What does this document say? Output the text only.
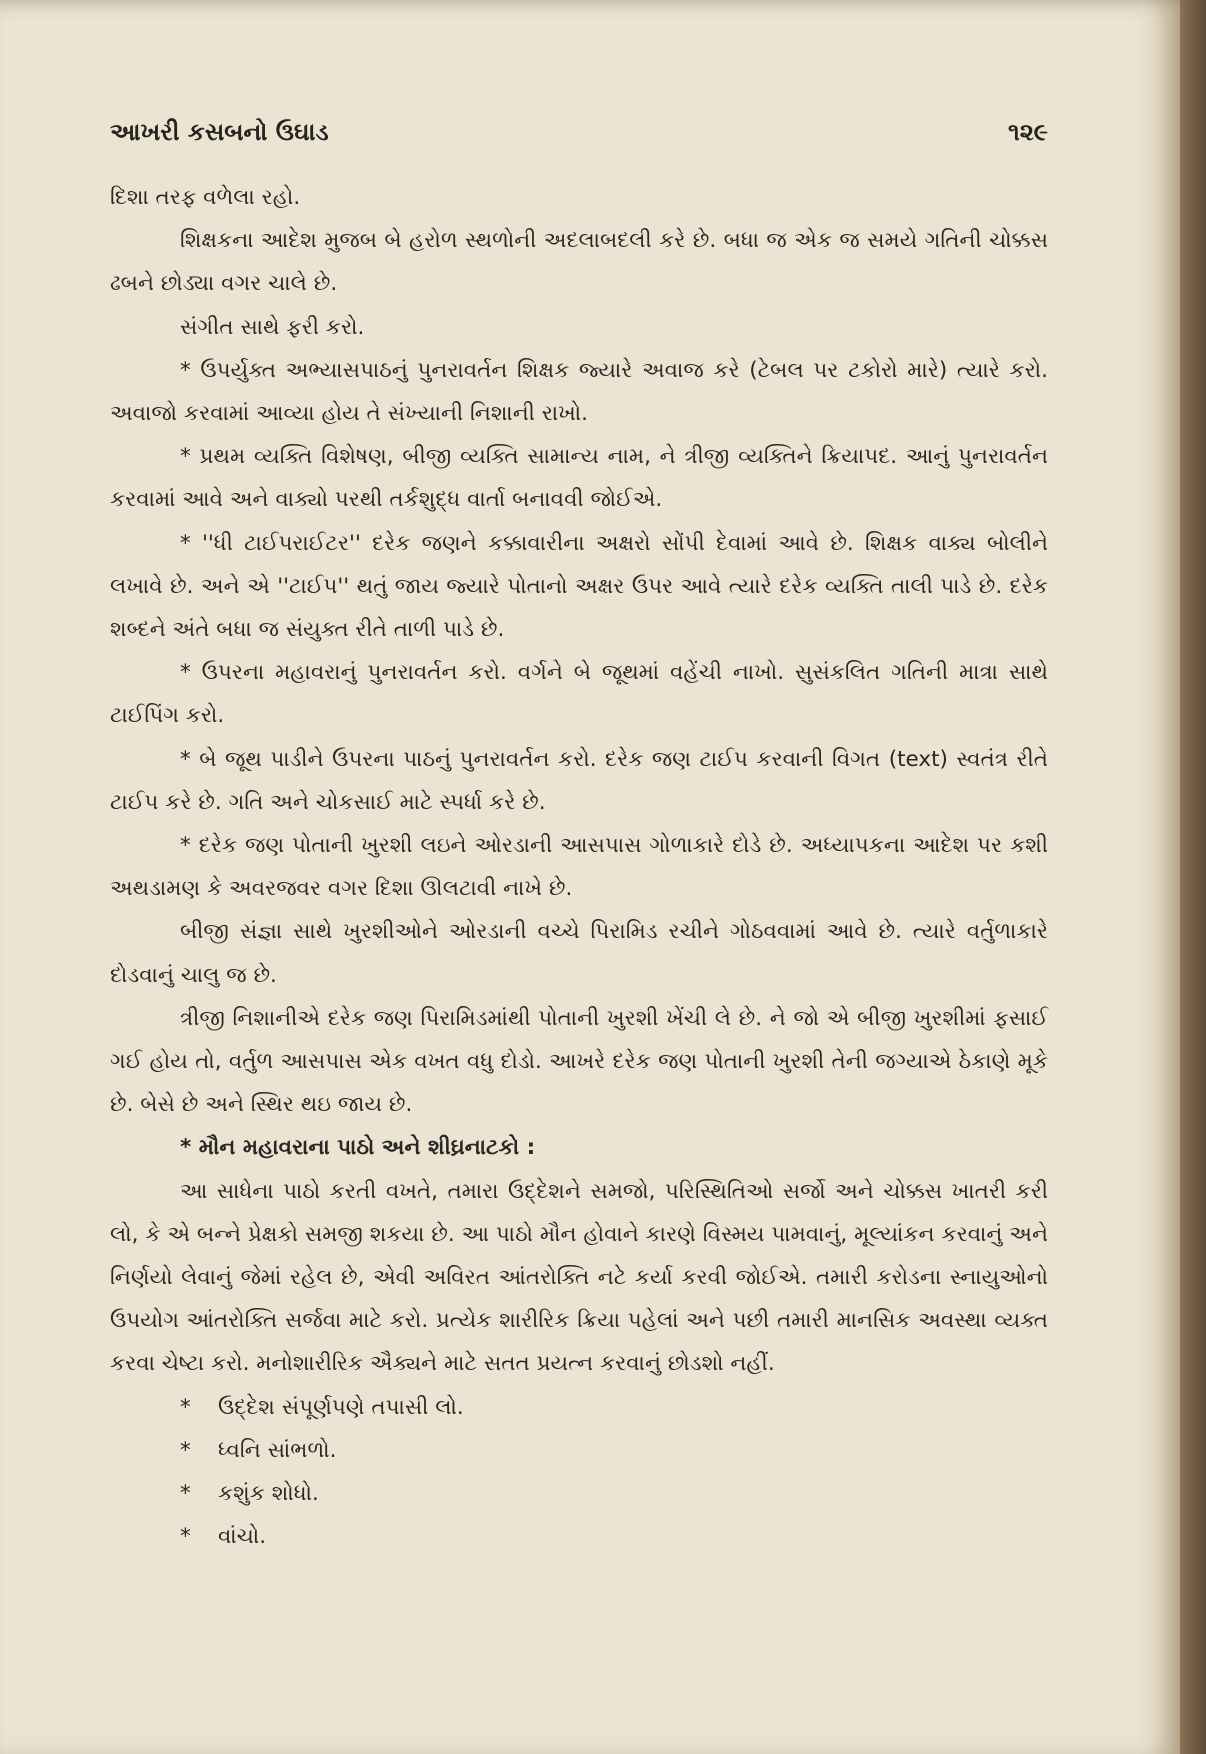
આખરી કસબનો ઉઘાડ	૧૨૯

દિશા તરફ વળેલા રહો.

શિક્ષકના આદેશ મુજબ બે હરોળ સ્થળોની અદલાબદલી કરે છે. બધા જ એક જ સમયે ગતિની ચોક્કસ ઢબને છોડ્યા વગર ચાલે છે.

સંગીત સાથે ફરી કરો.

* ઉપર્યુક્ત અભ્યાસપાઠનું પુનરાવર્તન શિક્ષક જ્યારે અવાજ કરે (ટેબલ પર ટકોરો મારે) ત્યારે કરો. અવાજો કરવામાં આવ્યા હોય તે સંખ્યાની નિશાની રાખો.

* પ્રથમ વ્યક્તિ વિશેષણ, બીજી વ્યક્તિ સામાન્ય નામ, ને ત્રીજી વ્યક્તિને ક્રિયાપદ. આનું પુનરાવર્તન કરવામાં આવે અને વાક્યો પરથી તર્કશુદ્ધ વાર્તા બનાવવી જોઈએ.

* ''ધી ટાઈપરાઈટર'' દરેક જણને કક્કાવારીના અક્ષરો સોંપી દેવામાં આવે છે. શિક્ષક વાક્ય બોલીને લખાવે છે. અને એ ''ટાઈપ'' થતું જાય જ્યારે પોતાનો અક્ષર ઉપર આવે ત્યારે દરેક વ્યક્તિ તાલી પાડે છે. દરેક શબ્દને અંતે બધા જ સંયુક્ત રીતે તાળી પાડે છે.

* ઉપરના મહાવરાનું પુનરાવર્તન કરો. વર્ગને બે જૂથમાં વહેંચી નાખો. સુસંકલિત ગતિની માત્રા સાથે ટાઈપિંગ કરો.

* બે જૂથ પાડીને ઉપરના પાઠનું પુનરાવર્તન કરો. દરેક જણ ટાઈપ કરવાની વિગત (text) સ્વતંત્ર રીતે ટાઈપ કરે છે. ગતિ અને ચોકસાઈ માટે સ્પર્ધા કરે છે.

* દરેક જણ પોતાની ખુરશી લઇને ઓરડાની આસપાસ ગોળાકારે દોડે છે. અધ્યાપકના આદેશ પર કશી અથડામણ કે અવરજવર વગર દિશા ઊલટાવી નાખે છે.

બીજી સંજ્ઞા સાથે ખુરશીઓને ઓરડાની વચ્ચે પિરામિડ રચીને ગોઠવવામાં આવે છે. ત્યારે વર્તુળાકારે દોડવાનું ચાલુ જ છે.

ત્રીજી નિશાનીએ દરેક જણ પિરામિડમાંથી પોતાની ખુરશી ખેંચી લે છે. ને જો એ બીજી ખુરશીમાં ફસાઈ ગઈ હોય તો, વર્તુળ આસપાસ એક વખત વધુ દોડો. આખરે દરેક જણ પોતાની ખુરશી તેની જગ્યાએ ઠેકાણે મૂકે છે. બેસે છે અને સ્થિર થઇ જાય છે.

* મૌન મહાવરાના પાઠો અને શીઘ્રનાટકો :

આ સાધેના પાઠો કરતી વખતે, તમારા ઉદ્દેશને સમજો, પરિસ્થિતિઓ સર્જો અને ચોક્કસ ખાતરી કરી લો, કે એ બન્ને પ્રેક્ષકો સમજી શકયા છે. આ પાઠો મૌન હોવાને કારણે વિસ્મય પામવાનું, મૂલ્યાંકન કરવાનું અને નિર્ણયો લેવાનું જેમાં રહેલ છે, એવી અવિરત આંતરોક્તિ નટે કર્યા કરવી જોઈએ. તમારી કરોડના સ્નાયુઓનો ઉપયોગ આંતરોક્તિ સર્જવા માટે કરો. પ્રત્યેક શારીરિક ક્રિયા પહેલાં અને પછી તમારી માનસિક અવસ્થા વ્યક્ત કરવા ચેષ્ટા કરો. મનોશારીરિક ઐક્યને માટે સતત પ્રયત્ન કરવાનું છોડશો નહીં.

* ઉદ્દેશ સંપૂર્ણપણે તપાસી લો.
* ધ્વનિ સાંભળો.
* કશુંક શોધો.
* વાંચો.
